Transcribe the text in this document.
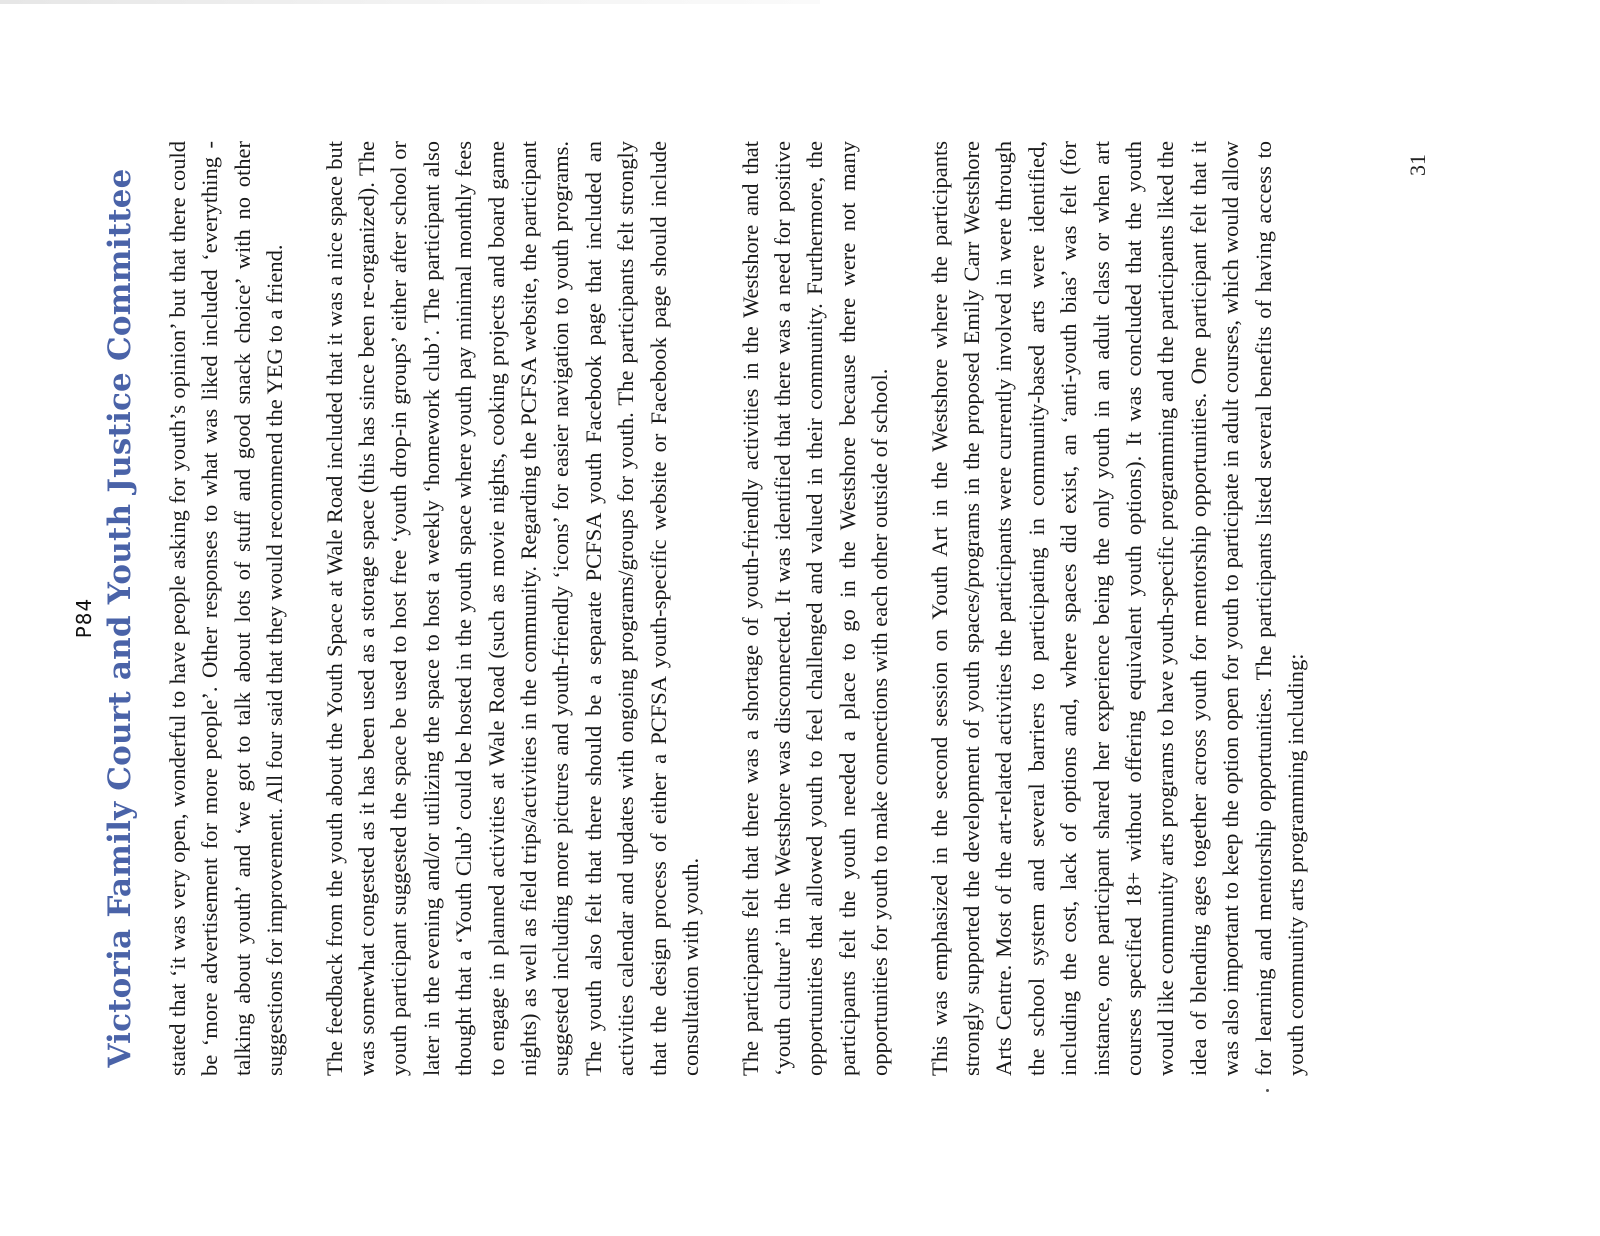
P84 Victoria Family Court and Youth Justice Committee stated that ‘it was very open, wonderful to have people asking for youth’s opinion’ but that there could be ‘more advertisement for more people’. Other responses to what was liked included ‘everything - talking about youth’ and ‘we got to talk about lots of stuff and good snack choice’ with no other suggestions for improvement. All four said that they would recommend the YEG to a friend. The feedback from the youth about the Youth Space at Wale Road included that it was a nice space but was somewhat congested as it has been used as a storage space (this has since been re-organized). The youth participant suggested the space be used to host free ‘youth drop-in groups’ either after school or later in the evening and/or utilizing the space to host a weekly ‘homework club’. The participant also thought that a ‘Youth Club’ could be hosted in the youth space where youth pay minimal monthly fees to engage in planned activities at Wale Road (such as movie nights, cooking projects and board game nights) as well as field trips/activities in the community. Regarding the PCFSA website, the participant suggested including more pictures and youth-friendly ‘icons’ for easier navigation to youth programs. The youth also felt that there should be a separate PCFSA youth Facebook page that included an activities calendar and updates with ongoing programs/groups for youth. The participants felt strongly that the design process of either a PCFSA youth-specific website or Facebook page should include consultation with youth. The participants felt that there was a shortage of youth-friendly activities in the Westshore and that ‘youth culture’ in the Westshore was disconnected. It was identified that there was a need for positive opportunities that allowed youth to feel challenged and valued in their community. Furthermore, the participants felt the youth needed a place to go in the Westshore because there were not many opportunities for youth to make connections with each other outside of school. This was emphasized in the second session on Youth Art in the Westshore where the participants strongly supported the development of youth spaces/programs in the proposed Emily Carr Westshore Arts Centre. Most of the art-related activities the participants were currently involved in were through the school system and several barriers to participating in community-based arts were identified, including the cost, lack of options and, where spaces did exist, an ‘anti-youth bias’ was felt (for instance, one participant shared her experience being the only youth in an adult class or when art courses specified 18+ without offering equivalent youth options). It was concluded that the youth would like community arts programs to have youth-specific programming and the participants liked the idea of blending ages together across youth for mentorship opportunities. One participant felt that it was also important to keep the option open for youth to participate in adult courses, which would allow for learning and mentorship opportunities. The participants listed several benefits of having access to youth community arts programming including:

31
